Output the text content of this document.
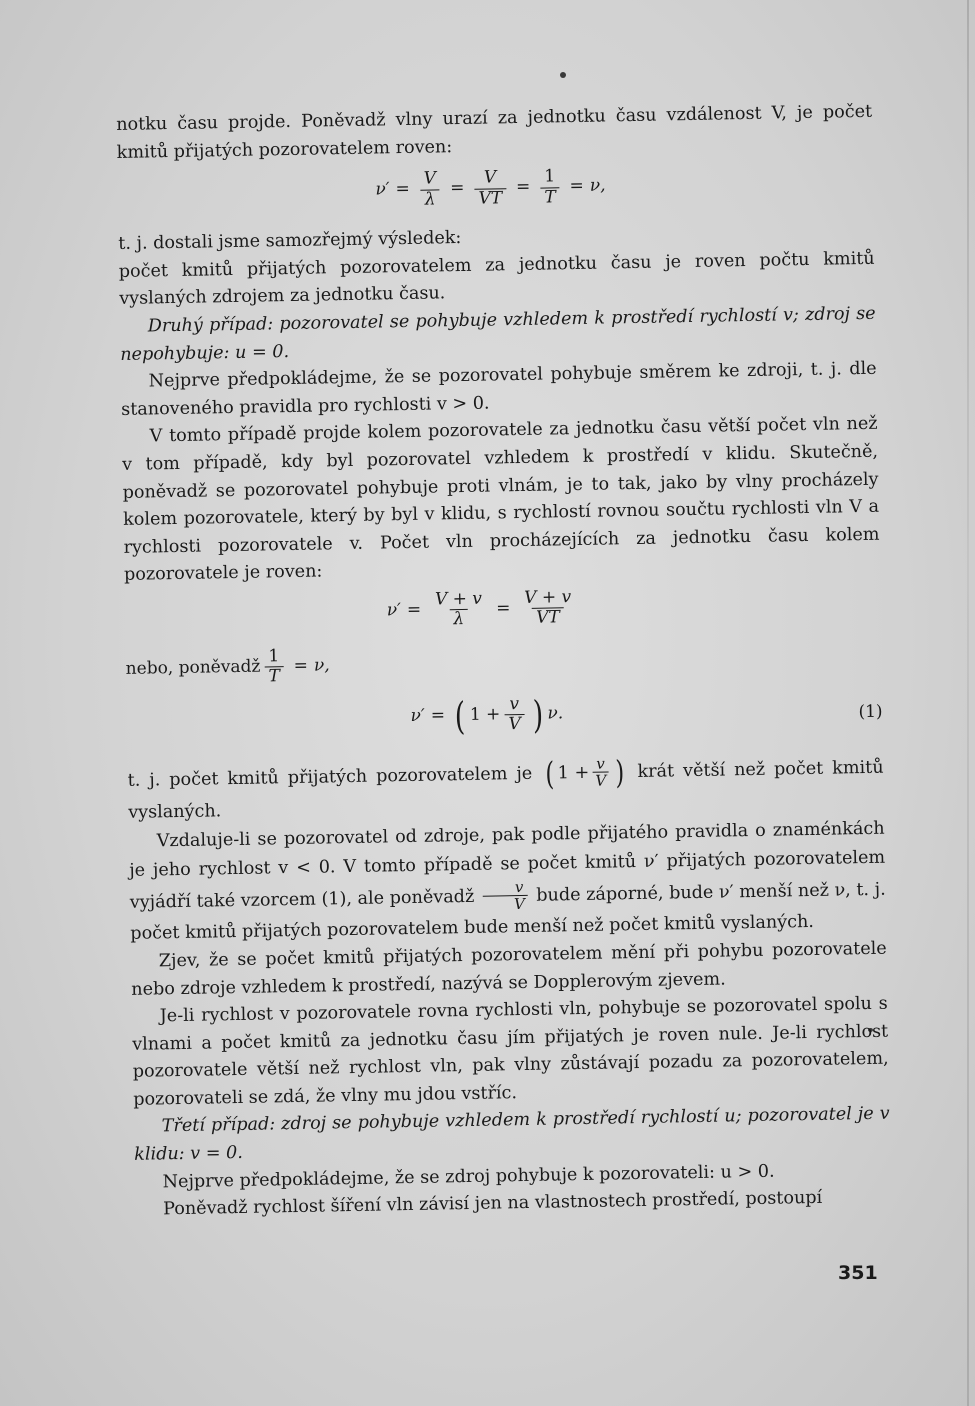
notku času projde. Poněvadž vlny urazí za jednotku času vzdálenost V, je počet kmitů přijatých pozorovatelem roven:

$\nu' = \frac{V}{\lambda} = \frac{V}{VT} = \frac{1}{T} = \nu$,

t. j. dostali jsme samozřejmý výsledek:

počet kmitů přijatých pozorovatelem za jednotku času je roven počtu kmitů vyslaných zdrojem za jednotku času.

Druhý případ: pozorovatel se pohybuje vzhledem k prostředí rychlostí v; zdroj se nepohybuje: u = 0.

Nejprve předpokládejme, že se pozorovatel pohybuje směrem ke zdroji, t. j. dle stanoveného pravidla pro rychlosti v > 0.

V tomto případě projde kolem pozorovatele za jednotku času větší počet vln než v tom případě, kdy byl pozorovatel vzhledem k prostředí v klidu. Skutečně, poněvadž se pozorovatel pohybuje proti vlnám, je to tak, jako by vlny procházely kolem pozorovatele, který by byl v klidu, s rychlostí rovnou součtu rychlosti vln V a rychlosti pozorovatele v. Počet vln procházejících za jednotku času kolem pozorovatele je roven:

$\nu' = \frac{V + v}{\lambda} = \frac{V + v}{VT}$
nebo, poněvadž $\frac{1}{T} = \nu$,
ν′ = ( $1 + \frac{v}{V}$ ) ν.	(1)

t. j. počet kmitů přijatých pozorovatelem je ( $1 + \frac{v}{V}$ ) krát větší než počet kmitů vyslaných.

Vzdaluje-li se pozorovatel od zdroje, pak podle přijatého pravidla o znaménkách je jeho rychlost v < 0. V tomto případě se počet kmitů ν′ přijatých pozorovatelem vyjádří také vzorcem (1), ale poněvadž $\frac{v}{V}$ bude záporné, bude ν′ menší než ν, t. j. počet kmitů přijatých pozorovatelem bude menší než počet kmitů vyslaných.

Zjev, že se počet kmitů přijatých pozorovatelem mění při pohybu pozorovatele nebo zdroje vzhledem k prostředí, nazývá se Dopplerovým zjevem.

Je-li rychlost v pozorovatele rovna rychlosti vln, pohybuje se pozorovatel spolu s vlnami a počet kmitů za jednotku času jím přijatých je roven nule. Je-li rychlost pozorovatele větší než rychlost vln, pak vlny zůstávají pozadu za pozorovatelem, pozorovateli se zdá, že vlny mu jdou vstříc.

Třetí případ: zdroj se pohybuje vzhledem k prostředí rychlostí u; pozorovatel je v klidu: v = 0.

Nejprve předpokládejme, že se zdroj pohybuje k pozorovateli: u > 0.

Poněvadž rychlost šíření vln závisí jen na vlastnostech prostředí, postoupí

351
